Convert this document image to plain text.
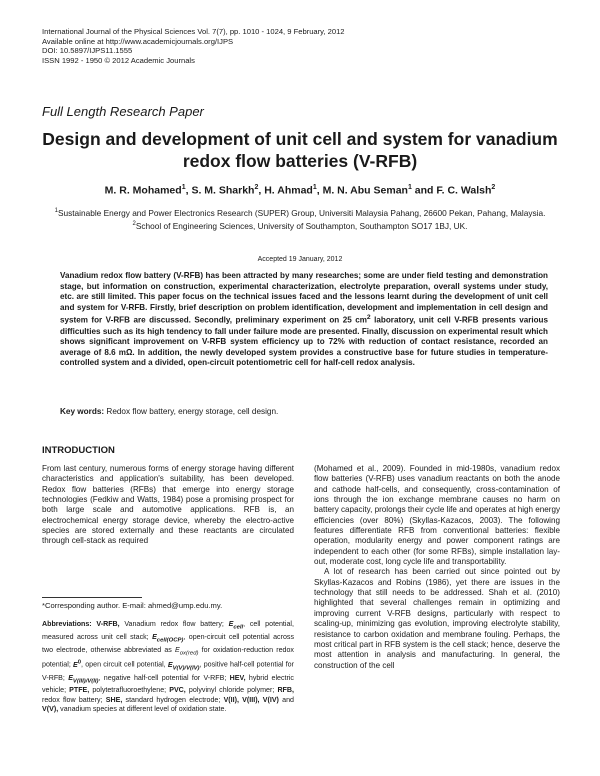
International Journal of the Physical Sciences Vol. 7(7), pp. 1010 - 1024, 9 February, 2012
Available online at http://www.academicjournals.org/IJPS
DOI: 10.5897/IJPS11.1555
ISSN 1992 - 1950 © 2012 Academic Journals
Full Length Research Paper
Design and development of unit cell and system for vanadium redox flow batteries (V-RFB)
M. R. Mohamed$^1$, S. M. Sharkh$^2$, H. Ahmad$^1$, M. N. Abu Seman$^1$ and F. C. Walsh$^2$
$^1$Sustainable Energy and Power Electronics Research (SUPER) Group, Universiti Malaysia Pahang, 26600 Pekan, Pahang, Malaysia.
$^2$School of Engineering Sciences, University of Southampton, Southampton SO17 1BJ, UK.
Accepted 19 January, 2012
Vanadium redox flow battery (V-RFB) has been attracted by many researches; some are under field testing and demonstration stage, but information on construction, experimental characterization, electrolyte preparation, overall systems under study, etc. are still limited. This paper focus on the technical issues faced and the lessons learnt during the development of unit cell and system for V-RFB. Firstly, brief description on problem identification, development and implementation in cell design and system for V-RFB are discussed. Secondly, preliminary experiment on 25 $cm^2$ laboratory, unit cell V-RFB presents various difficulties such as its high tendency to fall under failure mode are presented. Finally, discussion on experimental result which shows significant improvement on V-RFB system efficiency up to 72% with reduction of contact resistance, recorded an average of 8.6 mΩ. In addition, the newly developed system provides a constructive base for future studies in temperature-controlled system and a divided, open-circuit potentiometric cell for half-cell redox analysis.
Key words: Redox flow battery, energy storage, cell design.
INTRODUCTION
From last century, numerous forms of energy storage having different characteristics and application's suitability, has been developed. Redox flow batteries (RFBs) that emerge into energy storage technologies (Fedkiw and Watts, 1984) pose a promising prospect for both large scale and automotive applications. RFB is, an electrochemical energy storage device, whereby the electro-active species are stored externally and these reactants are circulated through cell-stack as required
(Mohamed et al., 2009). Founded in mid-1980s, vanadium redox flow batteries (V-RFB) uses vanadium reactants on both the anode and cathode half-cells, and consequently, cross-contamination of ions through the ion exchange membrane causes no harm on battery capacity, prolongs their cycle life and operates at high energy efficiencies (over 80%) (Skyllas-Kazacos, 2003). The following features differentiate RFB from conventional batteries: flexible operation, modularity energy and power component ratings are independent to each other (for some RFBs), simple installation lay-out, moderate cost, long cycle life and transportability.
A lot of research has been carried out since pointed out by Skyllas-Kazacos and Robins (1986), yet there are issues in the technology that still needs to be addressed. Shah et al. (2010) highlighted that several challenges remain in optimizing and improving current V-RFB designs, particularly with respect to scaling-up, minimizing gas evolution, improving electrolyte stability, resistance to carbon oxidation and membrane fouling. Perhaps, the most critical part in RFB system is the cell stack; hence, deserve the most attention in analysis and manufacturing. In general, the construction of the cell
*Corresponding author. E-mail: ahmed@ump.edu.my.
Abbreviations: V-RFB, Vanadium redox flow battery; $E_{cell}$, cell potential, measured across unit cell stack; $E_{cell(OCP)}$, open-circuit cell potential across two electrode, otherwise abbreviated as $E_{ox(red)}$ for oxidation-reduction redox potential; $E^0$, open circuit cell potential, $E_{V(V)/V(IV)}$, positive half-cell potential for V-RFB; $E_{V(III)/V(II)}$, negative half-cell potential for V-RFB; HEV, hybrid electric vehicle; PTFE, polytetrafluoroethylene; PVC, polyvinyl chloride polymer; RFB, redox flow battery; SHE, standard hydrogen electrode; V(II), V(III), V(IV) and V(V), vanadium species at different level of oxidation state.
